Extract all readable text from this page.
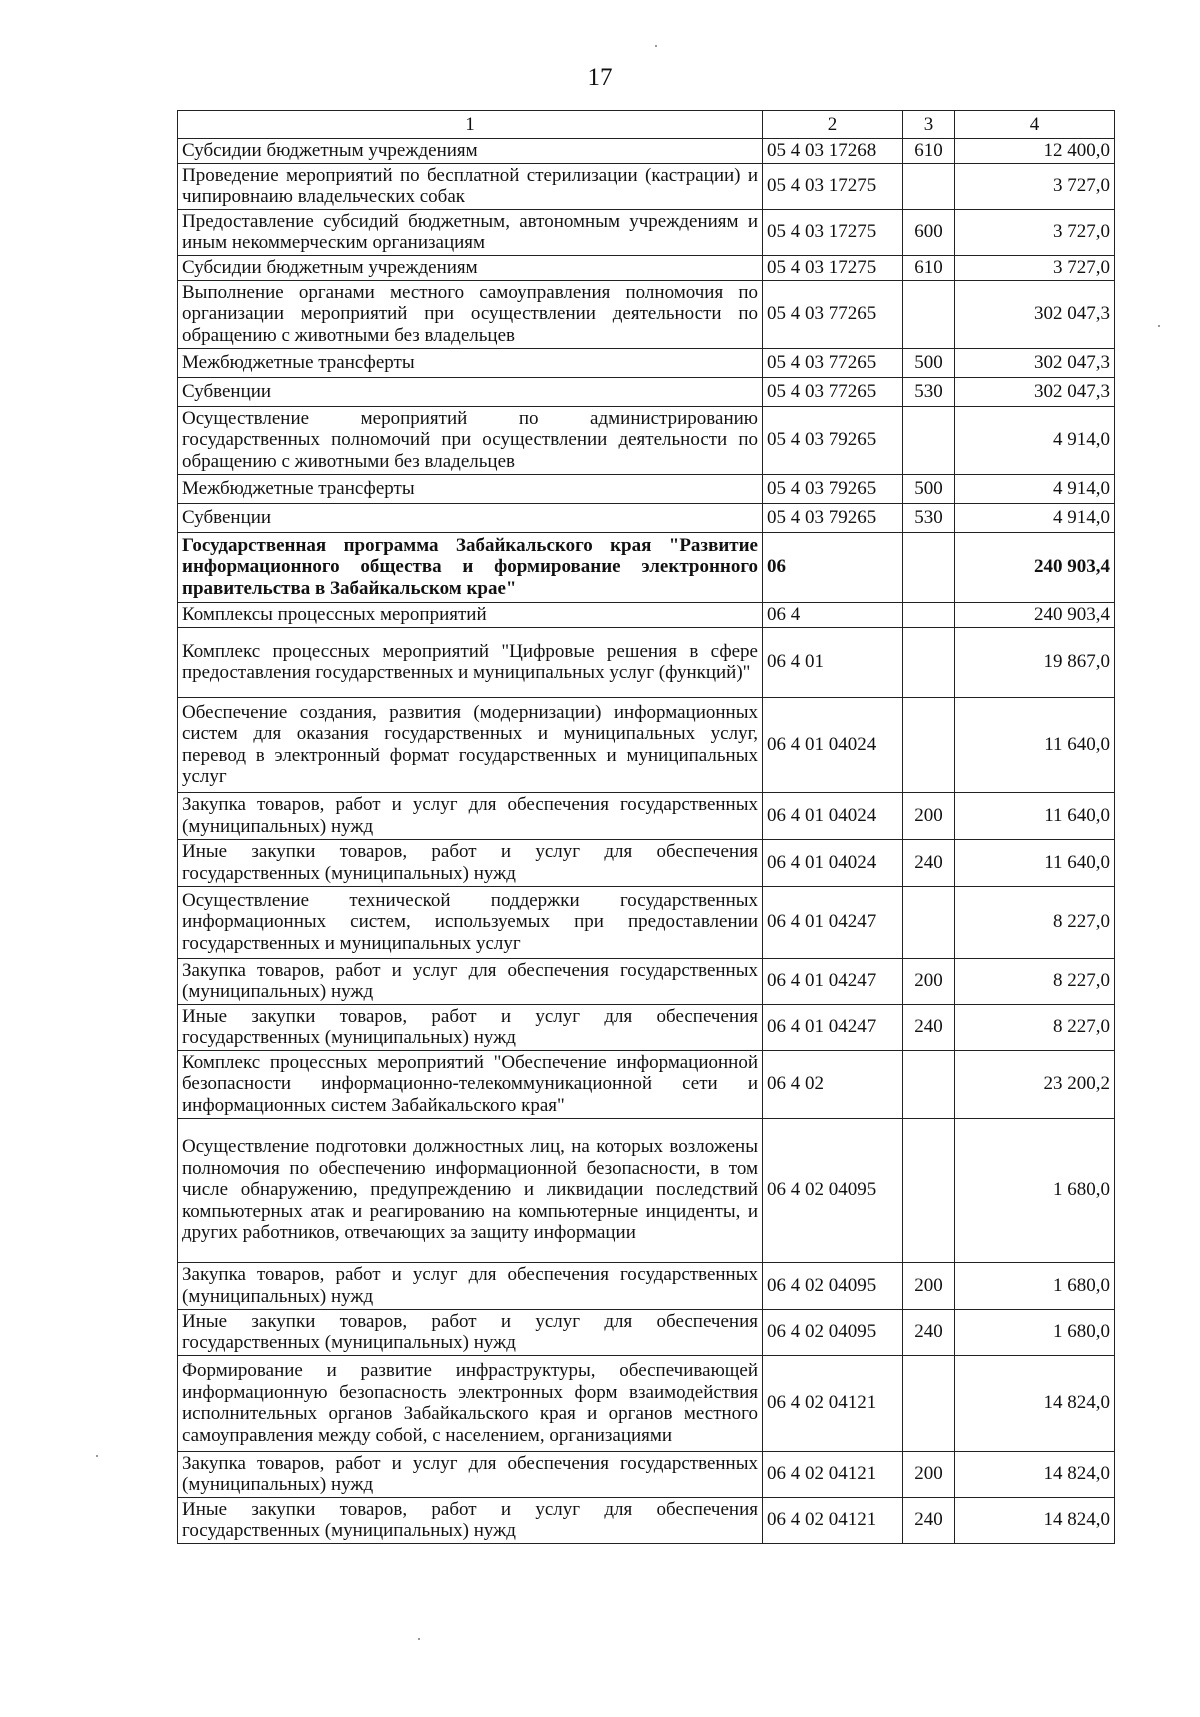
17
1	2	3	4
Субсидии бюджетным учреждениям	05 4 03 17268	610	12 400,0
Проведение мероприятий по бесплатной стерилизации (кастрации) и чипировнаию владельческих собак	05 4 03 17275		3 727,0
Предоставление субсидий бюджетным, автономным учреждениям и иным некоммерческим организациям	05 4 03 17275	600	3 727,0
Субсидии бюджетным учреждениям	05 4 03 17275	610	3 727,0
Выполнение органами местного самоуправления полномочия по организации мероприятий при осуществлении деятельности по обращению с животными без владельцев	05 4 03 77265		302 047,3
Межбюджетные трансферты	05 4 03 77265	500	302 047,3
Субвенции	05 4 03 77265	530	302 047,3
Осуществление мероприятий по администрированию государственных полномочий при осуществлении деятельности по обращению с животными без владельцев	05 4 03 79265		4 914,0
Межбюджетные трансферты	05 4 03 79265	500	4 914,0
Субвенции	05 4 03 79265	530	4 914,0
Государственная программа Забайкальского края "Развитие информационного общества и формирование электронного правительства в Забайкальском крае"	06		240 903,4
Комплексы процессных мероприятий	06 4		240 903,4
Комплекс процессных мероприятий "Цифровые решения в сфере предоставления государственных и муниципальных услуг (функций)"	06 4 01		19 867,0
Обеспечение создания, развития (модернизации) информационных систем для оказания государственных и муниципальных услуг, перевод в электронный формат государственных и муниципальных услуг	06 4 01 04024		11 640,0
Закупка товаров, работ и услуг для обеспечения государственных (муниципальных) нужд	06 4 01 04024	200	11 640,0
Иные закупки товаров, работ и услуг для обеспечения государственных (муниципальных) нужд	06 4 01 04024	240	11 640,0
Осуществление технической поддержки государственных информационных систем, используемых при предоставлении государственных и муниципальных услуг	06 4 01 04247		8 227,0
Закупка товаров, работ и услуг для обеспечения государственных (муниципальных) нужд	06 4 01 04247	200	8 227,0
Иные закупки товаров, работ и услуг для обеспечения государственных (муниципальных) нужд	06 4 01 04247	240	8 227,0
Комплекс процессных мероприятий "Обеспечение информационной безопасности информационно-телекоммуникационной сети и информационных систем Забайкальского края"	06 4 02		23 200,2
Осуществление подготовки должностных лиц, на которых возложены полномочия по обеспечению информационной безопасности, в том числе обнаружению, предупреждению и ликвидации последствий компьютерных атак и реагированию на компьютерные инциденты, и других работников, отвечающих за защиту информации	06 4 02 04095		1 680,0
Закупка товаров, работ и услуг для обеспечения государственных (муниципальных) нужд	06 4 02 04095	200	1 680,0
Иные закупки товаров, работ и услуг для обеспечения государственных (муниципальных) нужд	06 4 02 04095	240	1 680,0
Формирование и развитие инфраструктуры, обеспечивающей информационную безопасность электронных форм взаимодействия исполнительных органов Забайкальского края и органов местного самоуправления между собой, с населением, организациями	06 4 02 04121		14 824,0
Закупка товаров, работ и услуг для обеспечения государственных (муниципальных) нужд	06 4 02 04121	200	14 824,0
Иные закупки товаров, работ и услуг для обеспечения государственных (муниципальных) нужд	06 4 02 04121	240	14 824,0
